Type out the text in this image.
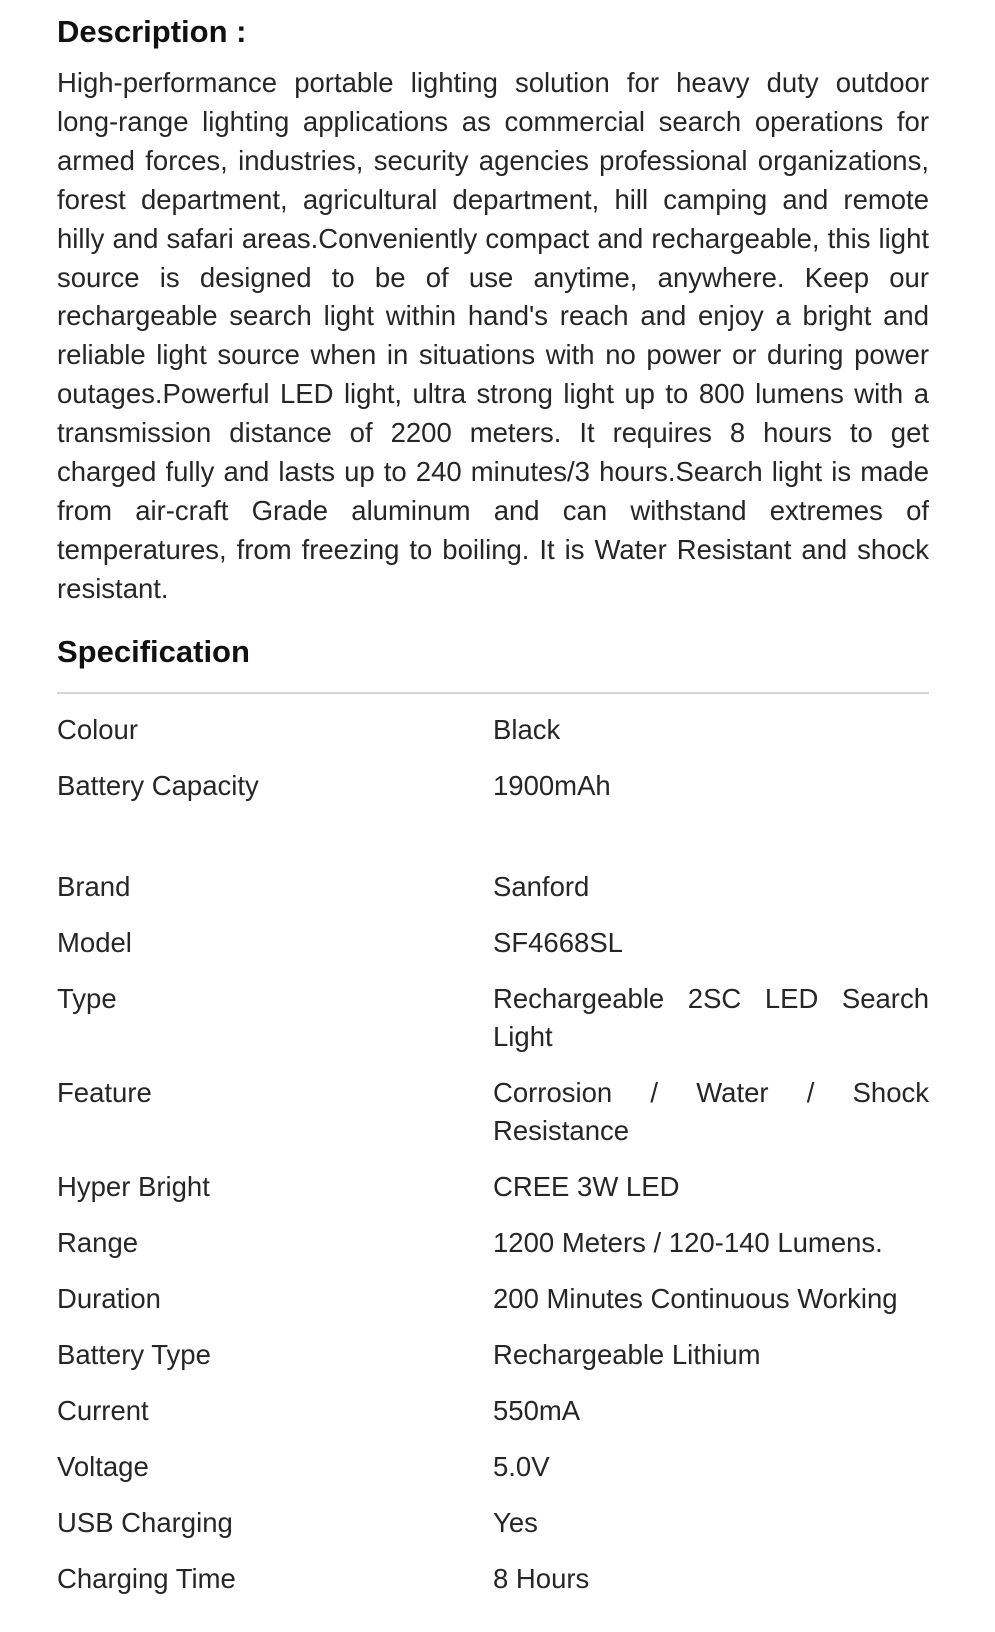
Description :

High-performance portable lighting solution for heavy duty outdoor long-range lighting applications as commercial search operations for armed forces, industries, security agencies professional organizations, forest department, agricultural department, hill camping and remote hilly and safari areas.Conveniently compact and rechargeable, this light source is designed to be of use anytime, anywhere. Keep our rechargeable search light within hand's reach and enjoy a bright and reliable light source when in situations with no power or during power outages.Powerful LED light, ultra strong light up to 800 lumens with a transmission distance of 2200 meters. It requires 8 hours to get charged fully and lasts up to 240 minutes/3 hours.Search light is made from air-craft Grade aluminum and can withstand extremes of temperatures, from freezing to boiling. It is Water Resistant and shock resistant.

Specification
Colour	Black
Battery Capacity	1900mAh
Brand	Sanford
Model	SF4668SL
Type	Rechargeable 2SC LED Search Light
Feature	Corrosion / Water / Shock Resistance
Hyper Bright	CREE 3W LED
Range	1200 Meters / 120-140 Lumens.
Duration	200 Minutes Continuous Working
Battery Type	Rechargeable Lithium
Current	550mA
Voltage	5.0V
USB Charging	Yes
Charging Time	8 Hours
